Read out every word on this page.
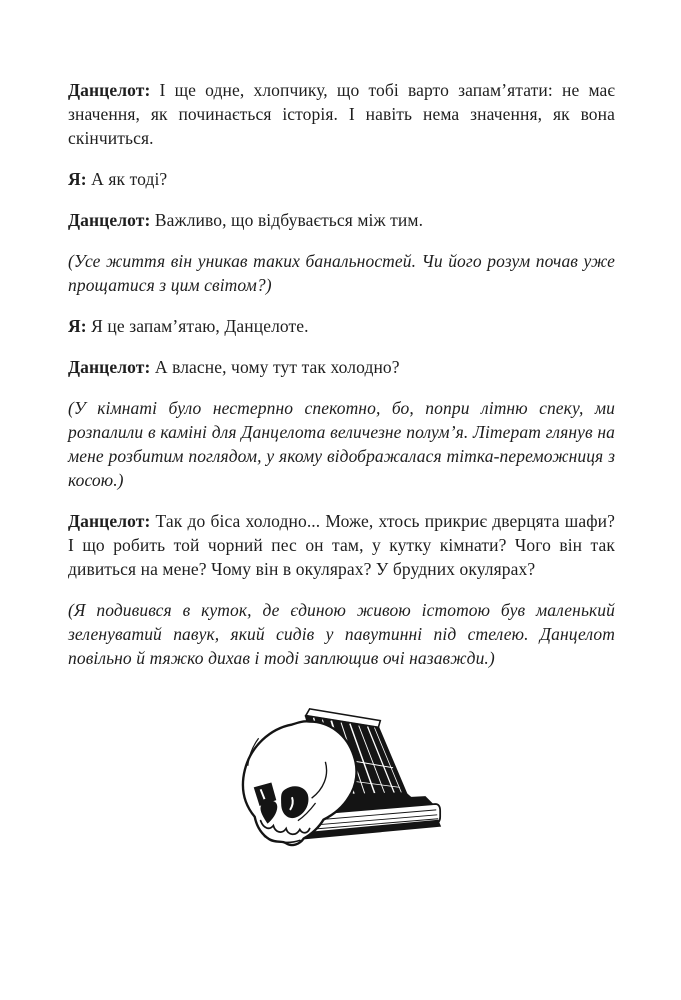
Данцелот: І ще одне, хлопчику, що тобі варто запам’ятати: не має значення, як починається історія. І навіть нема значення, як вона скінчиться.

Я: А як тоді?

Данцелот: Важливо, що відбувається між тим.

(Усе життя він уникав таких банальностей. Чи його розум почав уже прощатися з цим світом?)

Я: Я це запам’ятаю, Данцелоте.

Данцелот: А власне, чому тут так холодно?

(У кімнаті було нестерпно спекотно, бо, попри літню спеку, ми розпалили в каміні для Данцелота величезне полум’я. Літерат глянув на мене розбитим поглядом, у якому відображалася тітка-переможниця з косою.)

Данцелот: Так до біса холодно... Може, хтось прикриє дверцята шафи? І що робить той чорний пес он там, у кутку кімнати? Чого він так дивиться на мене? Чому він в окулярах? У брудних окулярах?

(Я подивився в куток, де єдиною живою істотою був маленький зеленуватий павук, який сидів у павутинні під стелею. Данцелот повільно й тяжко дихав і тоді заплющив очі назавжди.)
